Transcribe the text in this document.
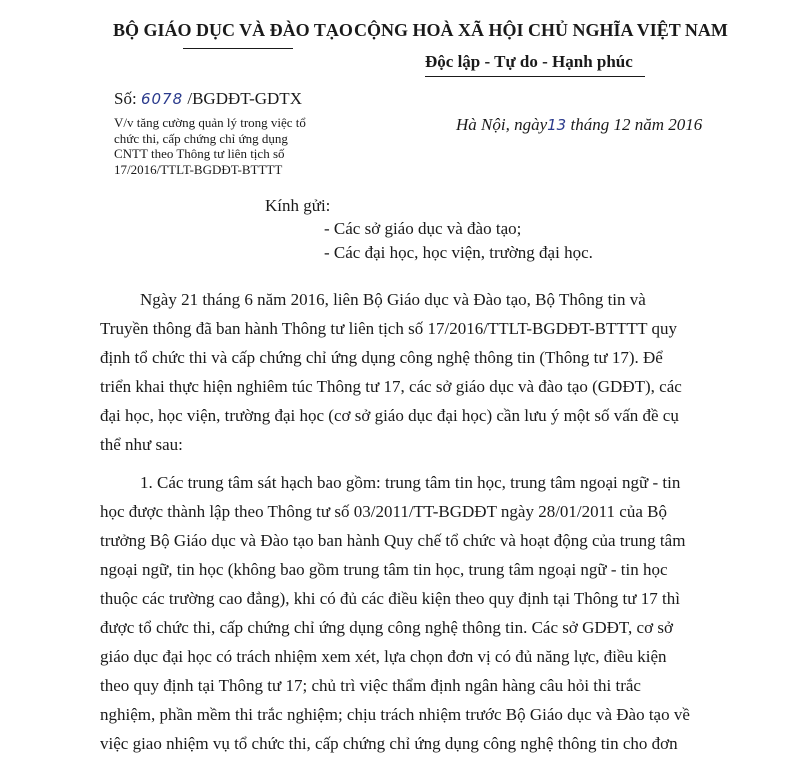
BỘ GIÁO DỤC VÀ ĐÀO TẠO CỘNG HOÀ XÃ HỘI CHỦ NGHĨA VIỆT NAM
Độc lập - Tự do - Hạnh phúc
Số: 6078 /BGDĐT-GDTX
V/v tăng cường quản lý trong việc tổ
chức thi, cấp chứng chỉ ứng dụng
CNTT theo Thông tư liên tịch số
17/2016/TTLT-BGDĐT-BTTTT
Hà Nội, ngày13 tháng 12 năm 2016
Kính gửi:
- Các sở giáo dục và đào tạo;
- Các đại học, học viện, trường đại học.
Ngày 21 tháng 6 năm 2016, liên Bộ Giáo dục và Đào tạo, Bộ Thông tin và
Truyền thông đã ban hành Thông tư liên tịch số 17/2016/TTLT-BGDĐT-BTTTT quy
định tổ chức thi và cấp chứng chỉ ứng dụng công nghệ thông tin (Thông tư 17). Để
triển khai thực hiện nghiêm túc Thông tư 17, các sở giáo dục và đào tạo (GDĐT), các
đại học, học viện, trường đại học (cơ sở giáo dục đại học) cần lưu ý một số vấn đề cụ
thể như sau:
1. Các trung tâm sát hạch bao gồm: trung tâm tin học, trung tâm ngoại ngữ - tin
học được thành lập theo Thông tư số 03/2011/TT-BGDĐT ngày 28/01/2011 của Bộ
trưởng Bộ Giáo dục và Đào tạo ban hành Quy chế tổ chức và hoạt động của trung tâm
ngoại ngữ, tin học (không bao gồm trung tâm tin học, trung tâm ngoại ngữ - tin học
thuộc các trường cao đẳng), khi có đủ các điều kiện theo quy định tại Thông tư 17 thì
được tổ chức thi, cấp chứng chỉ ứng dụng công nghệ thông tin. Các sở GDĐT, cơ sở
giáo dục đại học có trách nhiệm xem xét, lựa chọn đơn vị có đủ năng lực, điều kiện
theo quy định tại Thông tư 17; chủ trì việc thẩm định ngân hàng câu hỏi thi trắc
nghiệm, phần mềm thi trắc nghiệm; chịu trách nhiệm trước Bộ Giáo dục và Đào tạo về
việc giao nhiệm vụ tổ chức thi, cấp chứng chỉ ứng dụng công nghệ thông tin cho đơn
